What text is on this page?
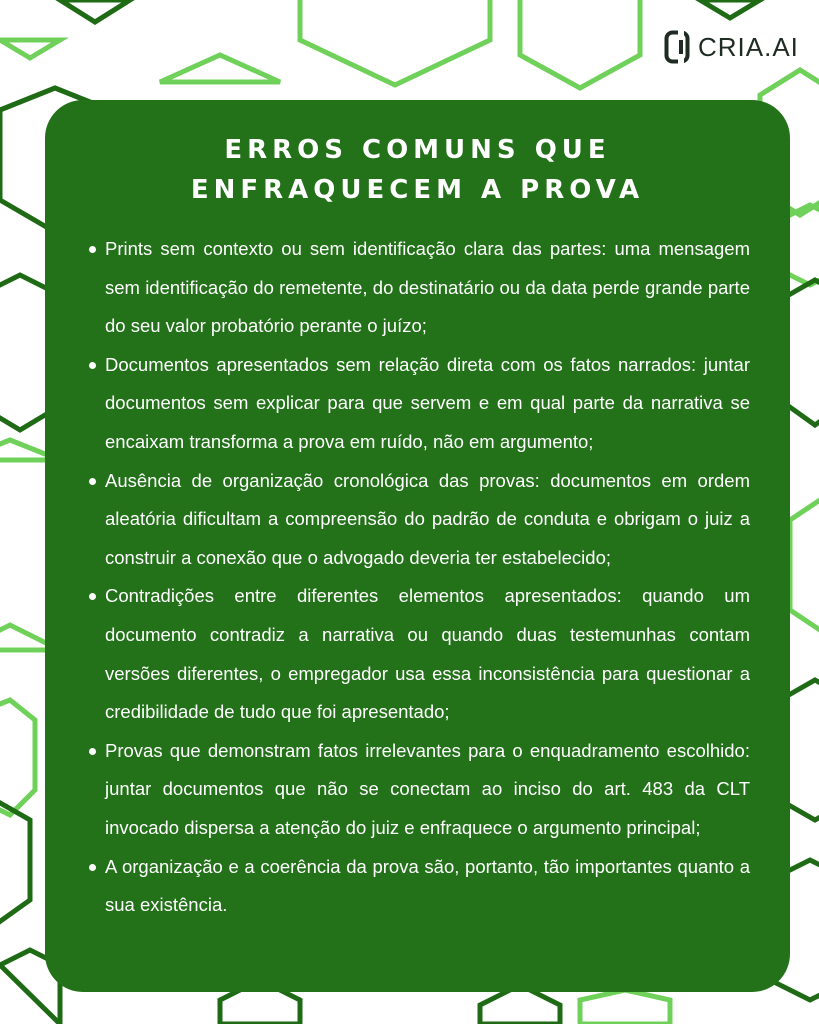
CRIA.AI
ERROS COMUNS QUE
ENFRAQUECEM A PROVA
Prints sem contexto ou sem identificação clara das partes: uma mensagem sem identificação do remetente, do destinatário ou da data perde grande parte do seu valor probatório perante o juízo;
Documentos apresentados sem relação direta com os fatos narrados: juntar documentos sem explicar para que servem e em qual parte da narrativa se encaixam transforma a prova em ruído, não em argumento;
Ausência de organização cronológica das provas: documentos em ordem aleatória dificultam a compreensão do padrão de conduta e obrigam o juiz a construir a conexão que o advogado deveria ter estabelecido;
Contradições entre diferentes elementos apresentados: quando um documento contradiz a narrativa ou quando duas testemunhas contam versões diferentes, o empregador usa essa inconsistência para questionar a credibilidade de tudo que foi apresentado;
Provas que demonstram fatos irrelevantes para o enquadramento escolhido: juntar documentos que não se conectam ao inciso do art. 483 da CLT invocado dispersa a atenção do juiz e enfraquece o argumento principal;
A organização e a coerência da prova são, portanto, tão importantes quanto a sua existência.
